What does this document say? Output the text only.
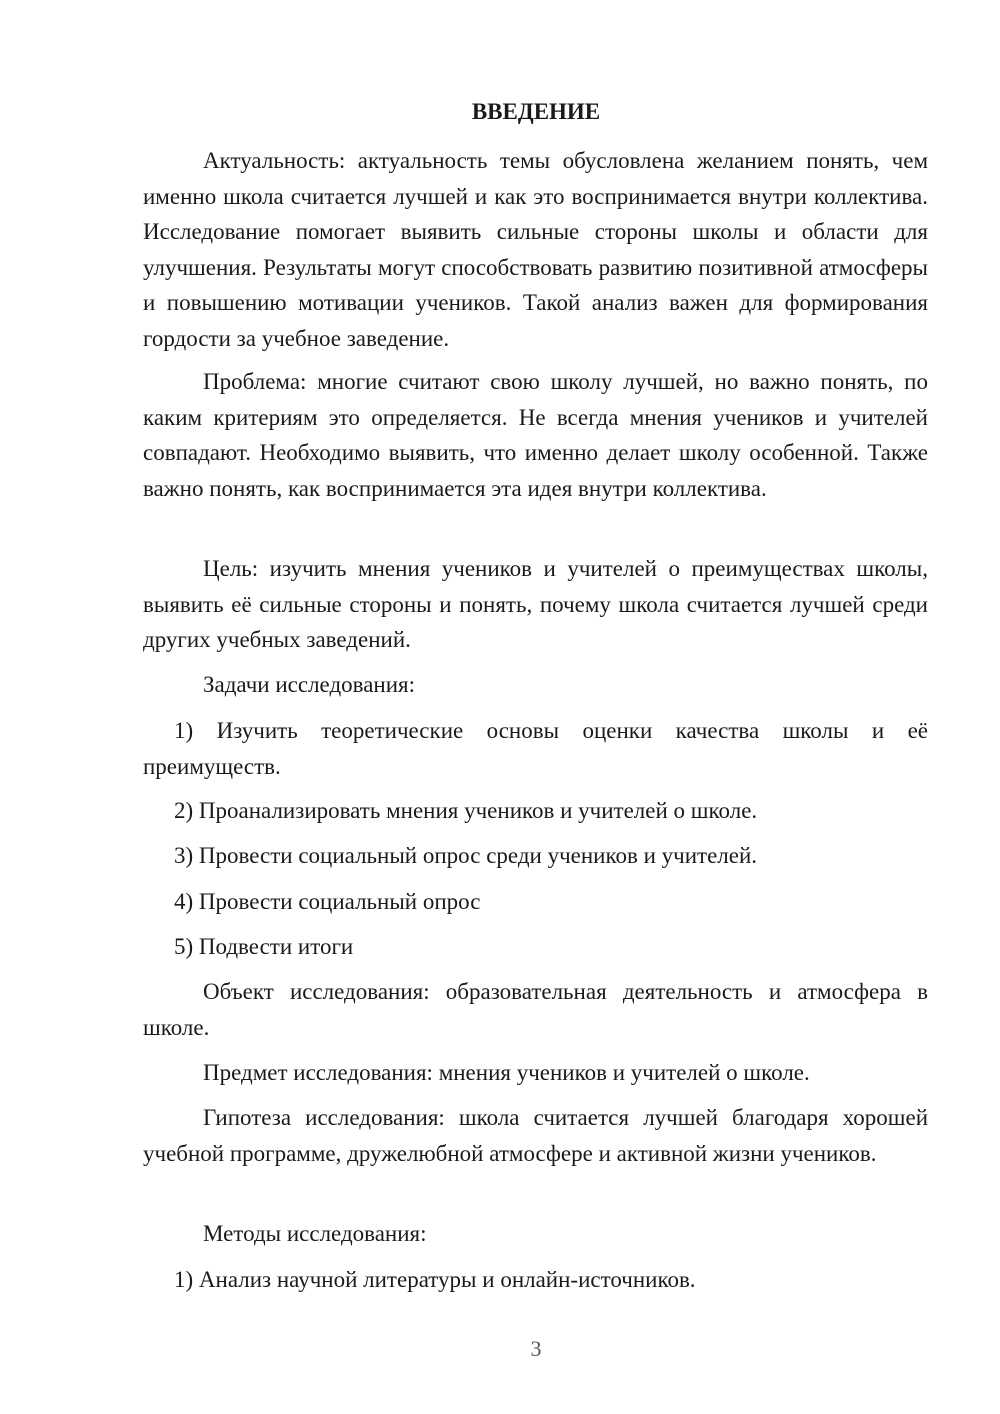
ВВЕДЕНИЕ

Актуальность: актуальность темы обусловлена желанием понять, чем именно школа считается лучшей и как это воспринимается внутри коллектива. Исследование помогает выявить сильные стороны школы и области для улучшения. Результаты могут способствовать развитию позитивной атмосферы и повышению мотивации учеников. Такой анализ важен для формирования гордости за учебное заведение.

Проблема: многие считают свою школу лучшей, но важно понять, по каким критериям это определяется. Не всегда мнения учеников и учителей совпадают. Необходимо выявить, что именно делает школу особенной. Также важно понять, как воспринимается эта идея внутри коллектива.

Цель: изучить мнения учеников и учителей о преимуществах школы, выявить её сильные стороны и понять, почему школа считается лучшей среди других учебных заведений.

Задачи исследования:

1) Изучить теоретические основы оценки качества школы и её преимуществ.

2) Проанализировать мнения учеников и учителей о школе.

3) Провести социальный опрос среди учеников и учителей.

4) Провести социальный опрос

5) Подвести итоги

Объект исследования: образовательная деятельность и атмосфера в школе.

Предмет исследования: мнения учеников и учителей о школе.

Гипотеза исследования: школа считается лучшей благодаря хорошей учебной программе, дружелюбной атмосфере и активной жизни учеников.

Методы исследования:

1) Анализ научной литературы и онлайн-источников.

3
